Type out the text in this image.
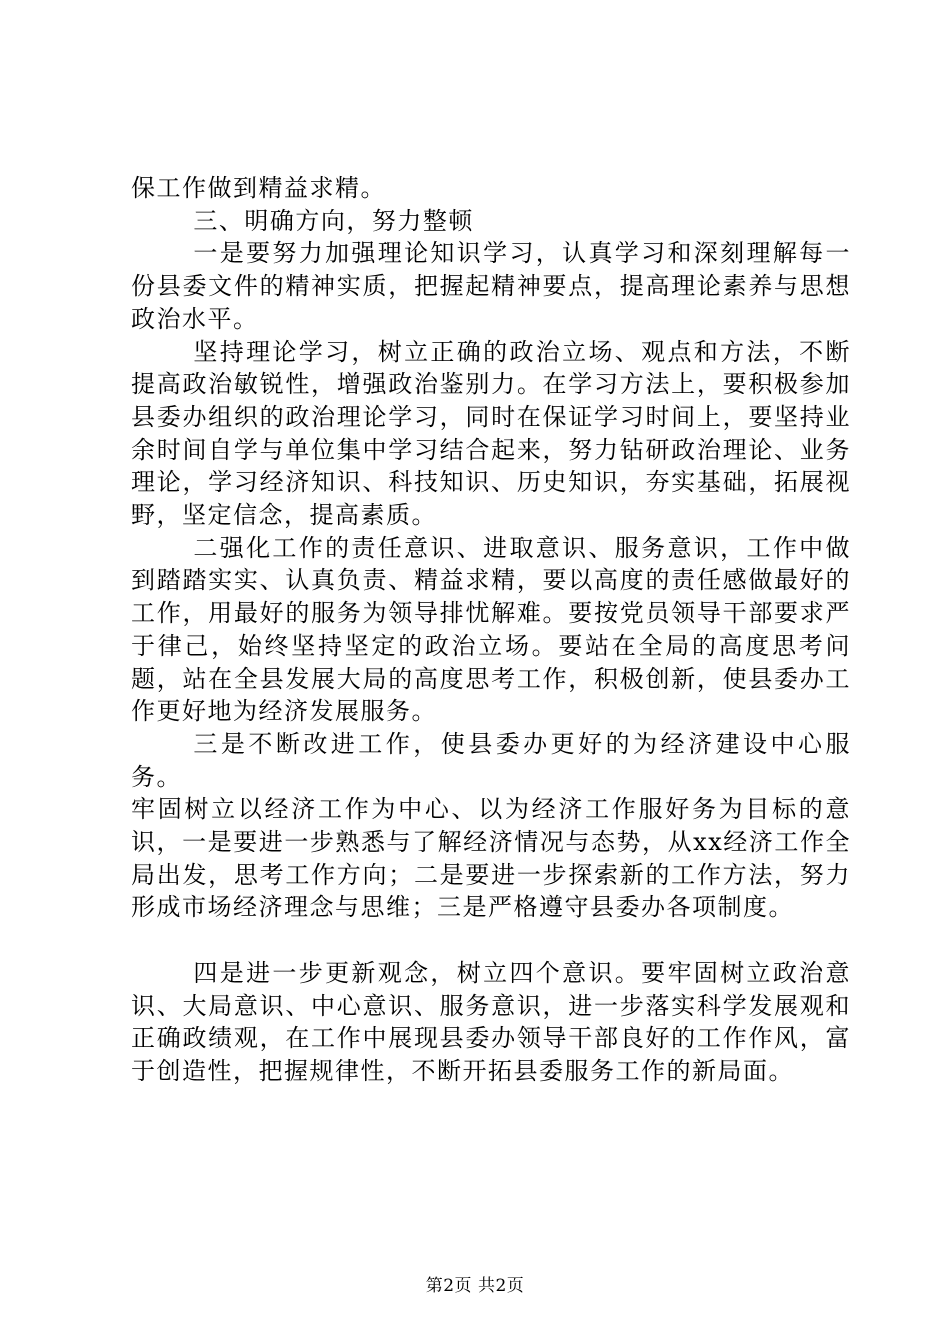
保工作做到精益求精。

三、明确方向，努力整顿

一是要努力加强理论知识学习，认真学习和深刻理解每一份县委文件的精神实质，把握起精神要点，提高理论素养与思想政治水平。

坚持理论学习，树立正确的政治立场、观点和方法，不断提高政治敏锐性，增强政治鉴别力。在学习方法上，要积极参加县委办组织的政治理论学习，同时在保证学习时间上，要坚持业余时间自学与单位集中学习结合起来，努力钻研政治理论、业务理论，学习经济知识、科技知识、历史知识，夯实基础，拓展视野，坚定信念，提高素质。

二强化工作的责任意识、进取意识、服务意识，工作中做到踏踏实实、认真负责、精益求精，要以高度的责任感做最好的工作，用最好的服务为领导排忧解难。要按党员领导干部要求严于律己，始终坚持坚定的政治立场。要站在全局的高度思考问题，站在全县发展大局的高度思考工作，积极创新，使县委办工作更好地为经济发展服务。

三是不断改进工作，使县委办更好的为经济建设中心服务。

牢固树立以经济工作为中心、以为经济工作服好务为目标的意识，一是要进一步熟悉与了解经济情况与态势，从xx经济工作全局出发，思考工作方向；二是要进一步探索新的工作方法，努力形成市场经济理念与思维；三是严格遵守县委办各项制度。

四是进一步更新观念，树立四个意识。要牢固树立政治意识、大局意识、中心意识、服务意识，进一步落实科学发展观和正确政绩观，在工作中展现县委办领导干部良好的工作作风，富于创造性，把握规律性，不断开拓县委服务工作的新局面。

第2页 共2页
